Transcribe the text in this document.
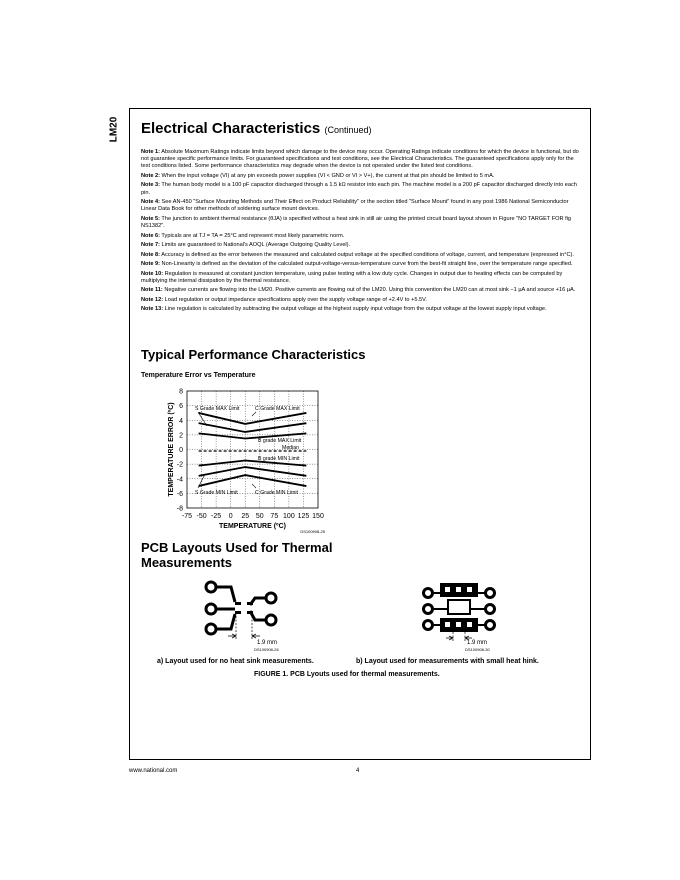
LM20 Electrical Characteristics (Continued)
Note 1: Absolute Maximum Ratings indicate limits beyond which damage to the device may occur. Operating Ratings indicate conditions for which the device is functional, but do not guarantee specific performance limits. For guaranteed specifications and test conditions, see the Electrical Characteristics. The guaranteed specifications apply only for the test conditions listed. Some performance characteristics may degrade when the device is not operated under the listed test conditions.
Note 2: When the input voltage (VI) at any pin exceeds power supplies (VI < GND or VI > V+), the current at that pin should be limited to 5 mA.
Note 3: The human body model is a 100 pF capacitor discharged through a 1.5 kΩ resistor into each pin. The machine model is a 200 pF capacitor discharged directly into each pin.
Note 4: See AN-450 "Surface Mounting Methods and Their Effect on Product Reliability" or the section titled "Surface Mount" found in any post 1986 National Semiconductor Linear Data Book for other methods of soldering surface mount devices.
Note 5: The junction to ambient thermal resistance (θJA) is specified without a heat sink in still air using the printed circuit board layout shown in Figure "NO TARGET FOR fig NS1382".
Note 6: Typicals are at TJ = TA = 25°C and represent most likely parametric norm.
Note 7: Limits are guaranteed to National's AOQL (Average Outgoing Quality Level).
Note 8: Accuracy is defined as the error between the measured and calculated output voltage at the specified conditions of voltage, current, and temperature (expressed in°C).
Note 9: Non-Linearity is defined as the deviation of the calculated output-voltage-versus-temperature curve from the best-fit straight line, over the temperature range specified.
Note 10: Regulation is measured at constant junction temperature, using pulse testing with a low duty cycle. Changes in output due to heating effects can be computed by multiplying the internal dissipation by the thermal resistance.
Note 11: Negative currents are flowing into the LM20. Positive currents are flowing out of the LM20. Using this convention the LM20 can at most sink −1 µA and source +16 µA.
Note 12: Load regulation or output impedance specifications apply over the supply voltage range of +2.4V to +5.5V.
Note 13: Line regulation is calculated by subtracting the output voltage at the highest supply input voltage from the output voltage at the lowest supply input voltage.
Typical Performance Characteristics
Temperature Error vs Temperature
-8
-6
-4
-2
0
2
4
6
8
-75 -50 -25 0 25 50 75 100 125 150
TEMPERATURE (ºC)
TEMPERATURE ERROR (ºC)	S Grade MAX Limit	C Grade MAX Limit
B grade MAX Limit
Median
B grade MIN Limit
S Grade MIN Limit	C Grade MIN Limit
DS100908-25
PCB Layouts Used for Thermal
Measurements
1.9 mm
DS100908-26
1.9 mm
DS100908-30
a) Layout used for no heat sink measurements.	b) Layout used for measurements with small heat hink.
FIGURE 1. PCB Lyouts used for thermal measurements.
www.national.com	4
